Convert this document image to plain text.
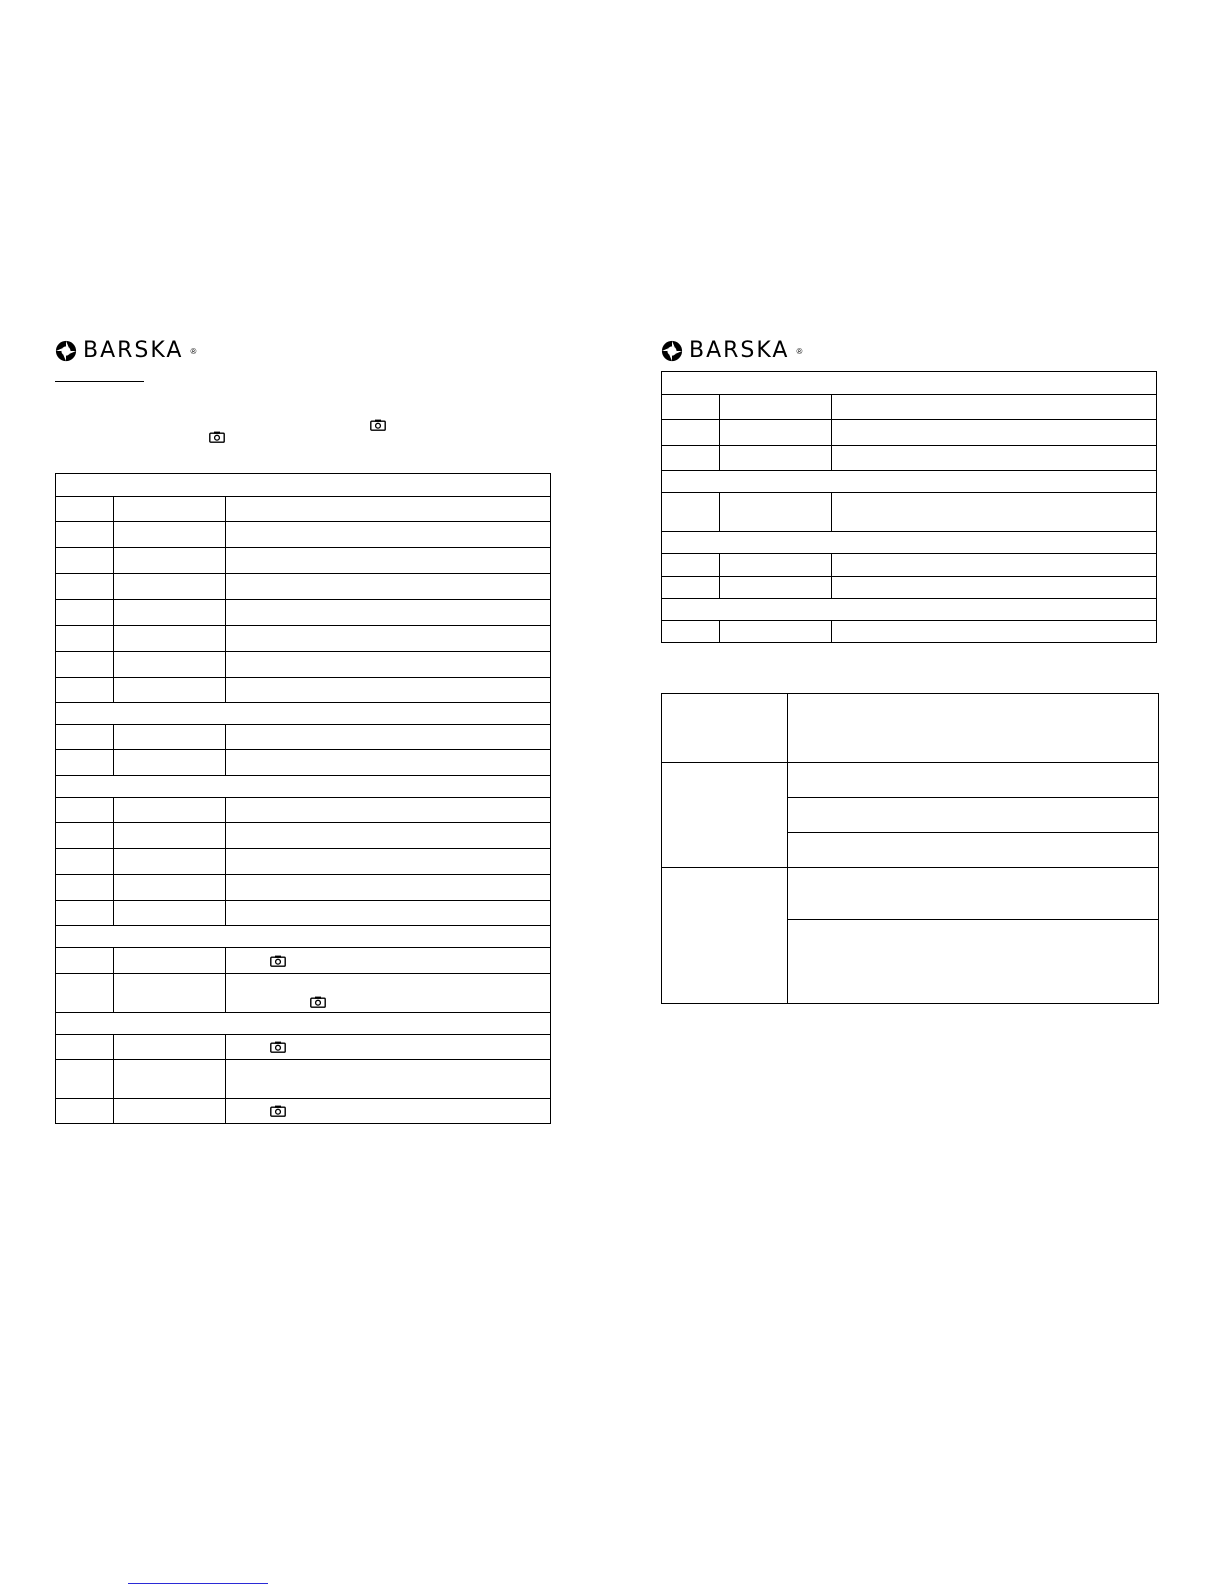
BARSKA ®

			BARSKA ®
